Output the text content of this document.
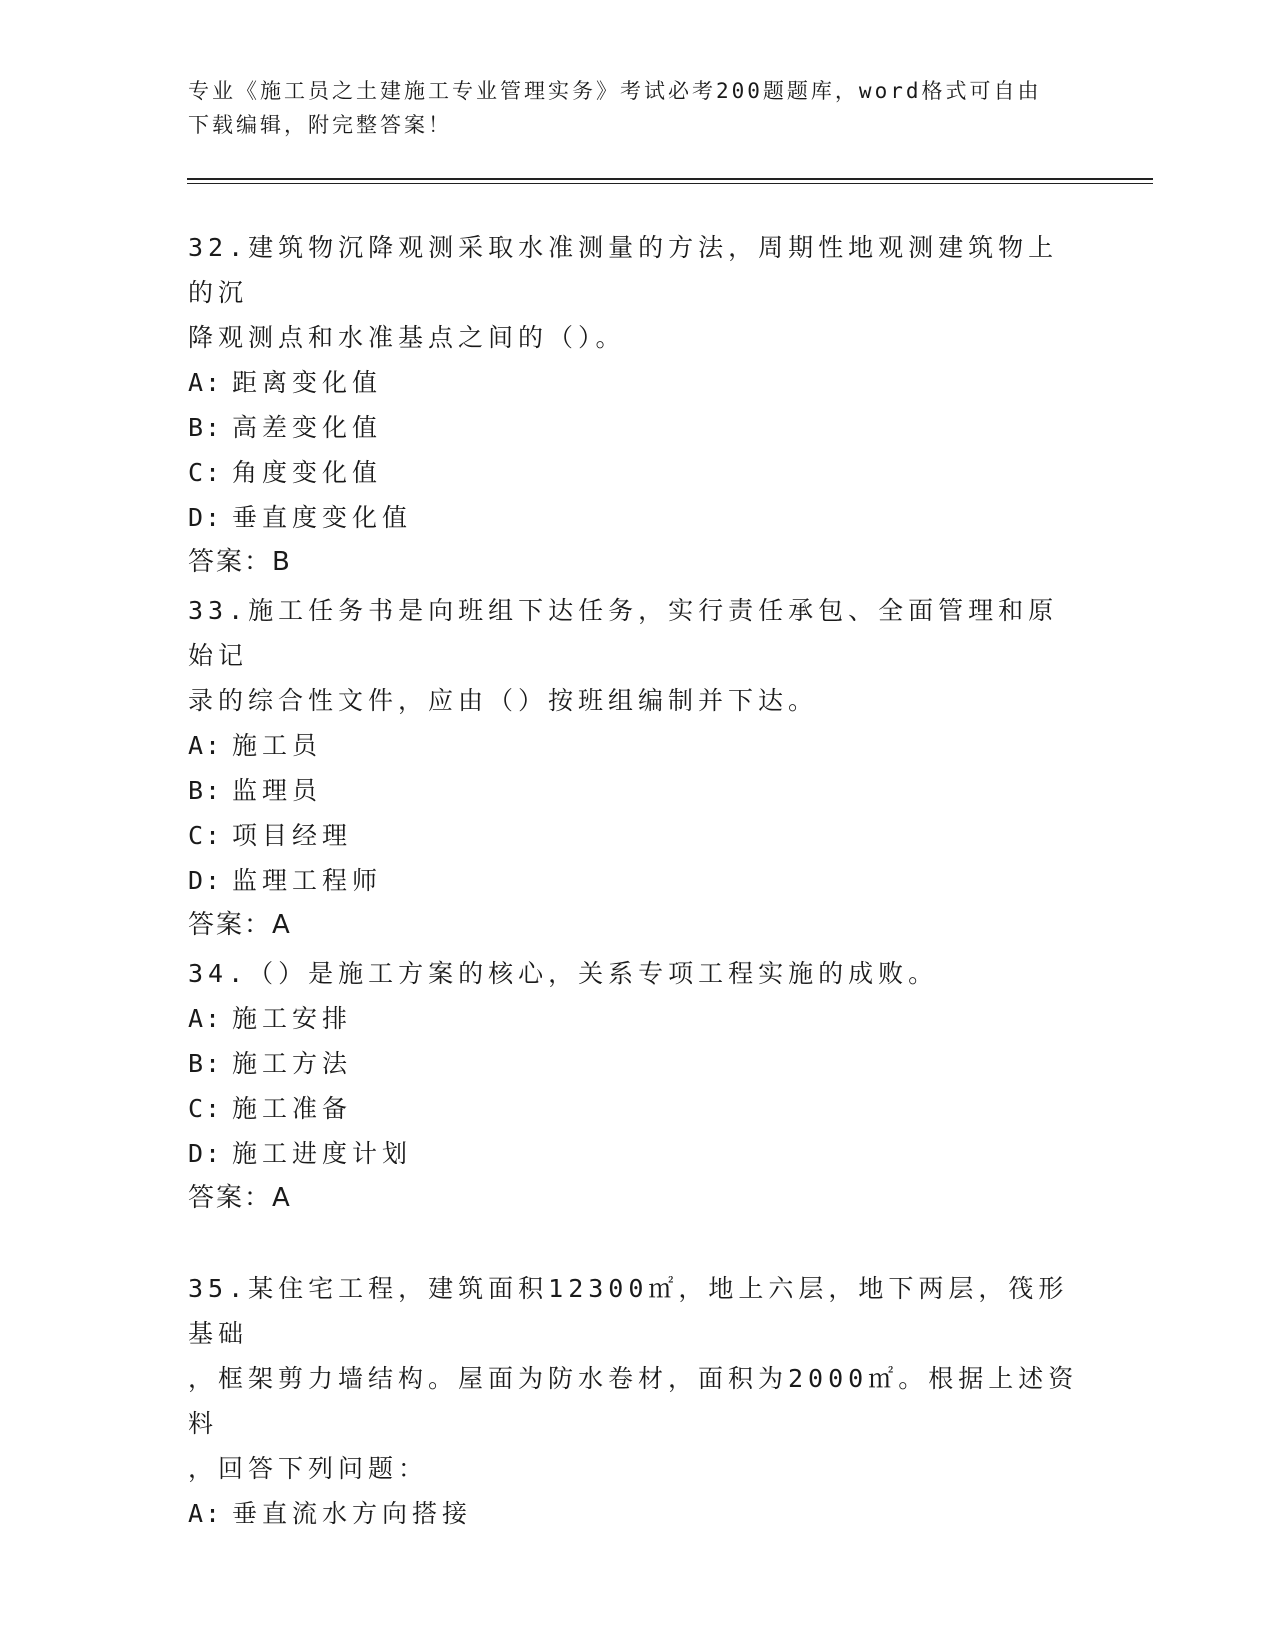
专业《施工员之土建施工专业管理实务》考试必考200题题库，word格式可自由
下载编辑，附完整答案！

32.建筑物沉降观测采取水准测量的方法，周期性地观测建筑物上的沉

降观测点和水准基点之间的（）。

A: 距离变化值

B: 高差变化值

C: 角度变化值

D: 垂直度变化值

答案：B

33.施工任务书是向班组下达任务，实行责任承包、全面管理和原始记

录的综合性文件，应由（）按班组编制并下达。

A: 施工员

B: 监理员

C: 项目经理

D: 监理工程师

答案：A

34.（）是施工方案的核心，关系专项工程实施的成败。

A: 施工安排

B: 施工方法

C: 施工准备

D: 施工进度计划

答案：A

35.某住宅工程，建筑面积12300㎡，地上六层，地下两层，筏形基础

，框架剪力墙结构。屋面为防水卷材，面积为2000㎡。根据上述资料

，回答下列问题：

A: 垂直流水方向搭接
